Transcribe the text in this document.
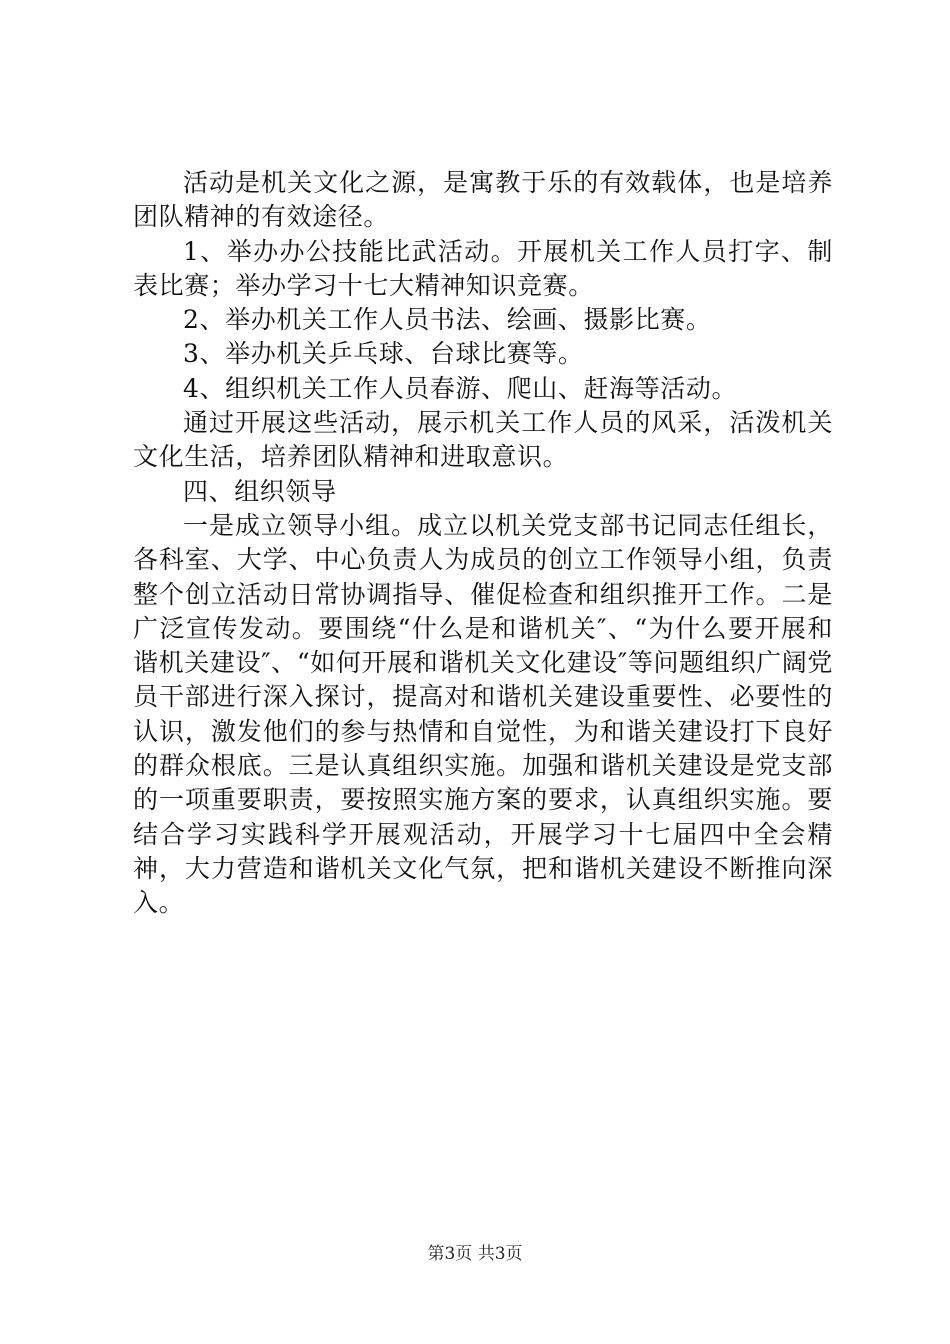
活动是机关文化之源，是寓教于乐的有效载体，也是培养团队精神的有效途径。

1、举办办公技能比武活动。开展机关工作人员打字、制表比赛；举办学习十七大精神知识竞赛。

2、举办机关工作人员书法、绘画、摄影比赛。

3、举办机关乒乓球、台球比赛等。

4、组织机关工作人员春游、爬山、赶海等活动。

通过开展这些活动，展示机关工作人员的风采，活泼机关文化生活，培养团队精神和进取意识。

四、组织领导

一是成立领导小组。成立以机关党支部书记同志任组长，各科室、大学、中心负责人为成员的创立工作领导小组，负责整个创立活动日常协调指导、催促检查和组织推开工作。二是广泛宣传发动。要围绕“什么是和谐机关″、“为什么要开展和谐机关建设″、“如何开展和谐机关文化建设″等问题组织广阔党员干部进行深入探讨，提高对和谐机关建设重要性、必要性的认识，激发他们的参与热情和自觉性，为和谐关建设打下良好的群众根底。三是认真组织实施。加强和谐机关建设是党支部的一项重要职责，要按照实施方案的要求，认真组织实施。要结合学习实践科学开展观活动，开展学习十七届四中全会精神，大力营造和谐机关文化气氛，把和谐机关建设不断推向深入。

第3页 共3页
